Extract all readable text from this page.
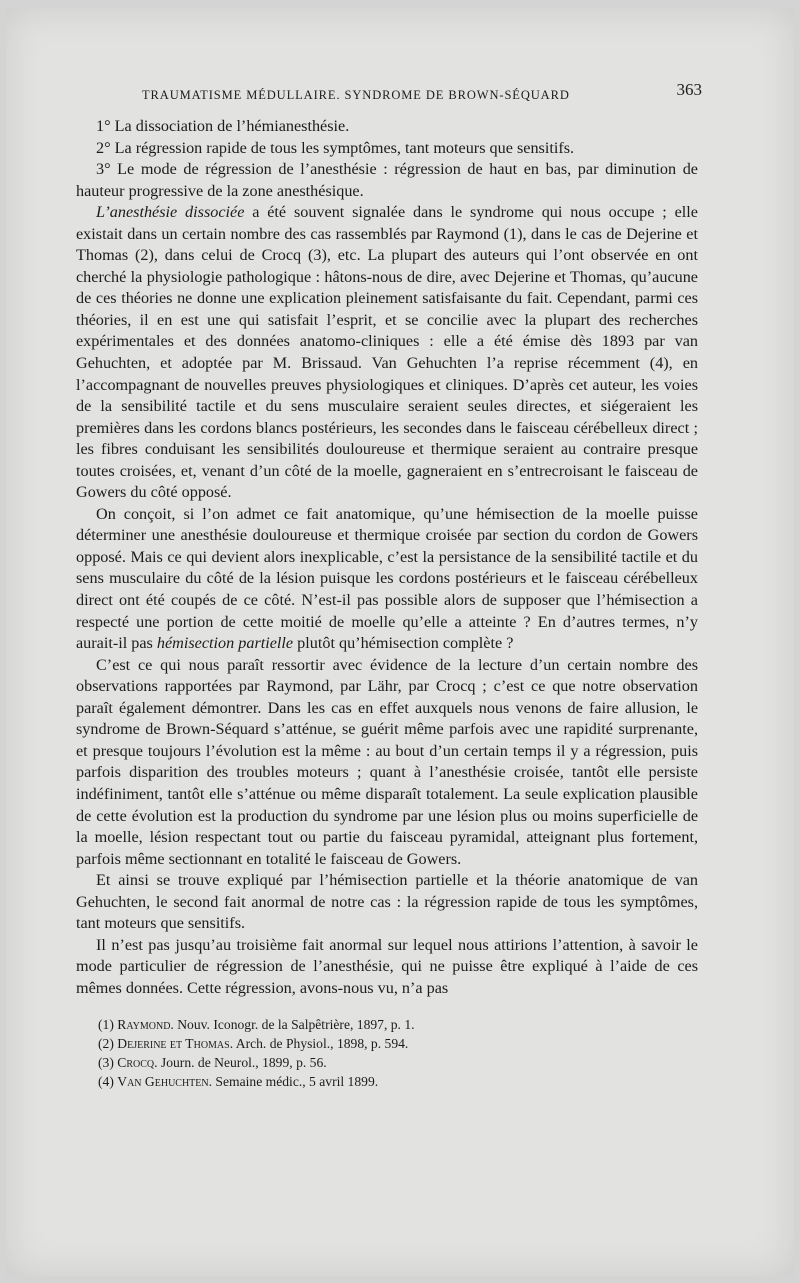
TRAUMATISME MÉDULLAIRE. SYNDROME DE BROWN-SÉQUARD	363

1° La dissociation de l’hémianesthésie.

2° La régression rapide de tous les symptômes, tant moteurs que sensitifs.

3° Le mode de régression de l’anesthésie : régression de haut en bas, par diminution de hauteur progressive de la zone anesthésique.

L’anesthésie dissociée a été souvent signalée dans le syndrome qui nous occupe ; elle existait dans un certain nombre des cas rassemblés par Raymond (1), dans le cas de Dejerine et Thomas (2), dans celui de Crocq (3), etc. La plupart des auteurs qui l’ont observée en ont cherché la physiologie pathologique : hâtons-nous de dire, avec Dejerine et Thomas, qu’aucune de ces théories ne donne une explication pleinement satisfaisante du fait. Cependant, parmi ces théories, il en est une qui satisfait l’esprit, et se concilie avec la plupart des recherches expérimentales et des données anatomo-cliniques : elle a été émise dès 1893 par van Gehuchten, et adoptée par M. Brissaud. Van Gehuchten l’a reprise récemment (4), en l’accompagnant de nouvelles preuves physiologiques et cliniques. D’après cet auteur, les voies de la sensibilité tactile et du sens musculaire seraient seules directes, et siégeraient les premières dans les cordons blancs postérieurs, les secondes dans le faisceau cérébelleux direct ; les fibres conduisant les sensibilités douloureuse et thermique seraient au contraire presque toutes croisées, et, venant d’un côté de la moelle, gagneraient en s’entrecroisant le faisceau de Gowers du côté opposé.

On conçoit, si l’on admet ce fait anatomique, qu’une hémisection de la moelle puisse déterminer une anesthésie douloureuse et thermique croisée par section du cordon de Gowers opposé. Mais ce qui devient alors inexplicable, c’est la persistance de la sensibilité tactile et du sens musculaire du côté de la lésion puisque les cordons postérieurs et le faisceau cérébelleux direct ont été coupés de ce côté. N’est-il pas possible alors de supposer que l’hémisection a respecté une portion de cette moitié de moelle qu’elle a atteinte ? En d’autres termes, n’y aurait-il pas hémisection partielle plutôt qu’hémisection complète ?

C’est ce qui nous paraît ressortir avec évidence de la lecture d’un certain nombre des observations rapportées par Raymond, par Lähr, par Crocq ; c’est ce que notre observation paraît également démontrer. Dans les cas en effet auxquels nous venons de faire allusion, le syndrome de Brown-Séquard s’atténue, se guérit même parfois avec une rapidité surprenante, et presque toujours l’évolution est la même : au bout d’un certain temps il y a régression, puis parfois disparition des troubles moteurs ; quant à l’anesthésie croisée, tantôt elle persiste indéfiniment, tantôt elle s’atténue ou même disparaît totalement. La seule explication plausible de cette évolution est la production du syndrome par une lésion plus ou moins superficielle de la moelle, lésion respectant tout ou partie du faisceau pyramidal, atteignant plus fortement, parfois même sectionnant en totalité le faisceau de Gowers.

Et ainsi se trouve expliqué par l’hémisection partielle et la théorie anatomique de van Gehuchten, le second fait anormal de notre cas : la régression rapide de tous les symptômes, tant moteurs que sensitifs.

Il n’est pas jusqu’au troisième fait anormal sur lequel nous attirions l’attention, à savoir le mode particulier de régression de l’anesthésie, qui ne puisse être expliqué à l’aide de ces mêmes données. Cette régression, avons-nous vu, n’a pas

(1) Raymond. Nouv. Iconogr. de la Salpêtrière, 1897, p. 1.
(2) Dejerine et Thomas. Arch. de Physiol., 1898, p. 594.
(3) Crocq. Journ. de Neurol., 1899, p. 56.
(4) Van Gehuchten. Semaine médic., 5 avril 1899.
